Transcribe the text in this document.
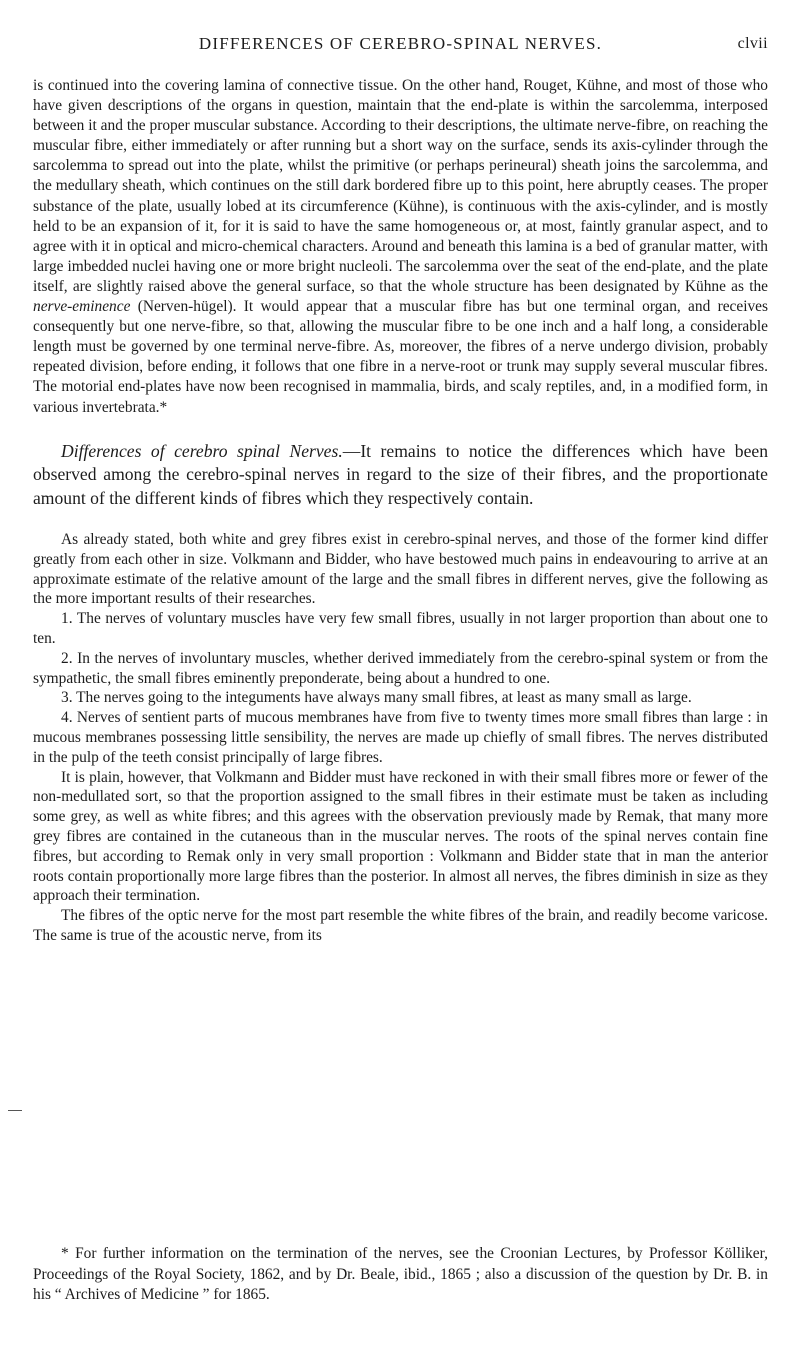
DIFFERENCES OF CEREBRO-SPINAL NERVES.	clvii

is continued into the covering lamina of connective tissue. On the other hand, Rouget, Kühne, and most of those who have given descriptions of the organs in question, maintain that the end-plate is within the sarcolemma, interposed between it and the proper muscular substance. According to their descriptions, the ultimate nerve-fibre, on reaching the muscular fibre, either immediately or after running but a short way on the surface, sends its axis-cylinder through the sarcolemma to spread out into the plate, whilst the primitive (or perhaps perineural) sheath joins the sarcolemma, and the medullary sheath, which continues on the still dark bordered fibre up to this point, here abruptly ceases. The proper substance of the plate, usually lobed at its circumference (Kühne), is continuous with the axis-cylinder, and is mostly held to be an expansion of it, for it is said to have the same homogeneous or, at most, faintly granular aspect, and to agree with it in optical and micro-chemical characters. Around and beneath this lamina is a bed of granular matter, with large imbedded nuclei having one or more bright nucleoli. The sarcolemma over the seat of the end-plate, and the plate itself, are slightly raised above the general surface, so that the whole structure has been designated by Kühne as the nerve-eminence (Nerven-hügel). It would appear that a muscular fibre has but one terminal organ, and receives consequently but one nerve-fibre, so that, allowing the muscular fibre to be one inch and a half long, a considerable length must be governed by one terminal nerve-fibre. As, moreover, the fibres of a nerve undergo division, probably repeated division, before ending, it follows that one fibre in a nerve-root or trunk may supply several muscular fibres. The motorial end-plates have now been recognised in mammalia, birds, and scaly reptiles, and, in a modified form, in various invertebrata.*

Differences of cerebro spinal Nerves.—It remains to notice the differences which have been observed among the cerebro-spinal nerves in regard to the size of their fibres, and the proportionate amount of the different kinds of fibres which they respectively contain.

As already stated, both white and grey fibres exist in cerebro-spinal nerves, and those of the former kind differ greatly from each other in size. Volkmann and Bidder, who have bestowed much pains in endeavouring to arrive at an approximate estimate of the relative amount of the large and the small fibres in different nerves, give the following as the more important results of their researches.

1. The nerves of voluntary muscles have very few small fibres, usually in not larger proportion than about one to ten.

2. In the nerves of involuntary muscles, whether derived immediately from the cerebro-spinal system or from the sympathetic, the small fibres eminently preponderate, being about a hundred to one.

3. The nerves going to the integuments have always many small fibres, at least as many small as large.

4. Nerves of sentient parts of mucous membranes have from five to twenty times more small fibres than large : in mucous membranes possessing little sensibility, the nerves are made up chiefly of small fibres. The nerves distributed in the pulp of the teeth consist principally of large fibres.

It is plain, however, that Volkmann and Bidder must have reckoned in with their small fibres more or fewer of the non-medullated sort, so that the proportion assigned to the small fibres in their estimate must be taken as including some grey, as well as white fibres; and this agrees with the observation previously made by Remak, that many more grey fibres are contained in the cutaneous than in the muscular nerves. The roots of the spinal nerves contain fine fibres, but according to Remak only in very small proportion : Volkmann and Bidder state that in man the anterior roots contain proportionally more large fibres than the posterior. In almost all nerves, the fibres diminish in size as they approach their termination.

The fibres of the optic nerve for the most part resemble the white fibres of the brain, and readily become varicose. The same is true of the acoustic nerve, from its

* For further information on the termination of the nerves, see the Croonian Lectures, by Professor Kölliker, Proceedings of the Royal Society, 1862, and by Dr. Beale, ibid., 1865 ; also a discussion of the question by Dr. B. in his “ Archives of Medicine ” for 1865.
